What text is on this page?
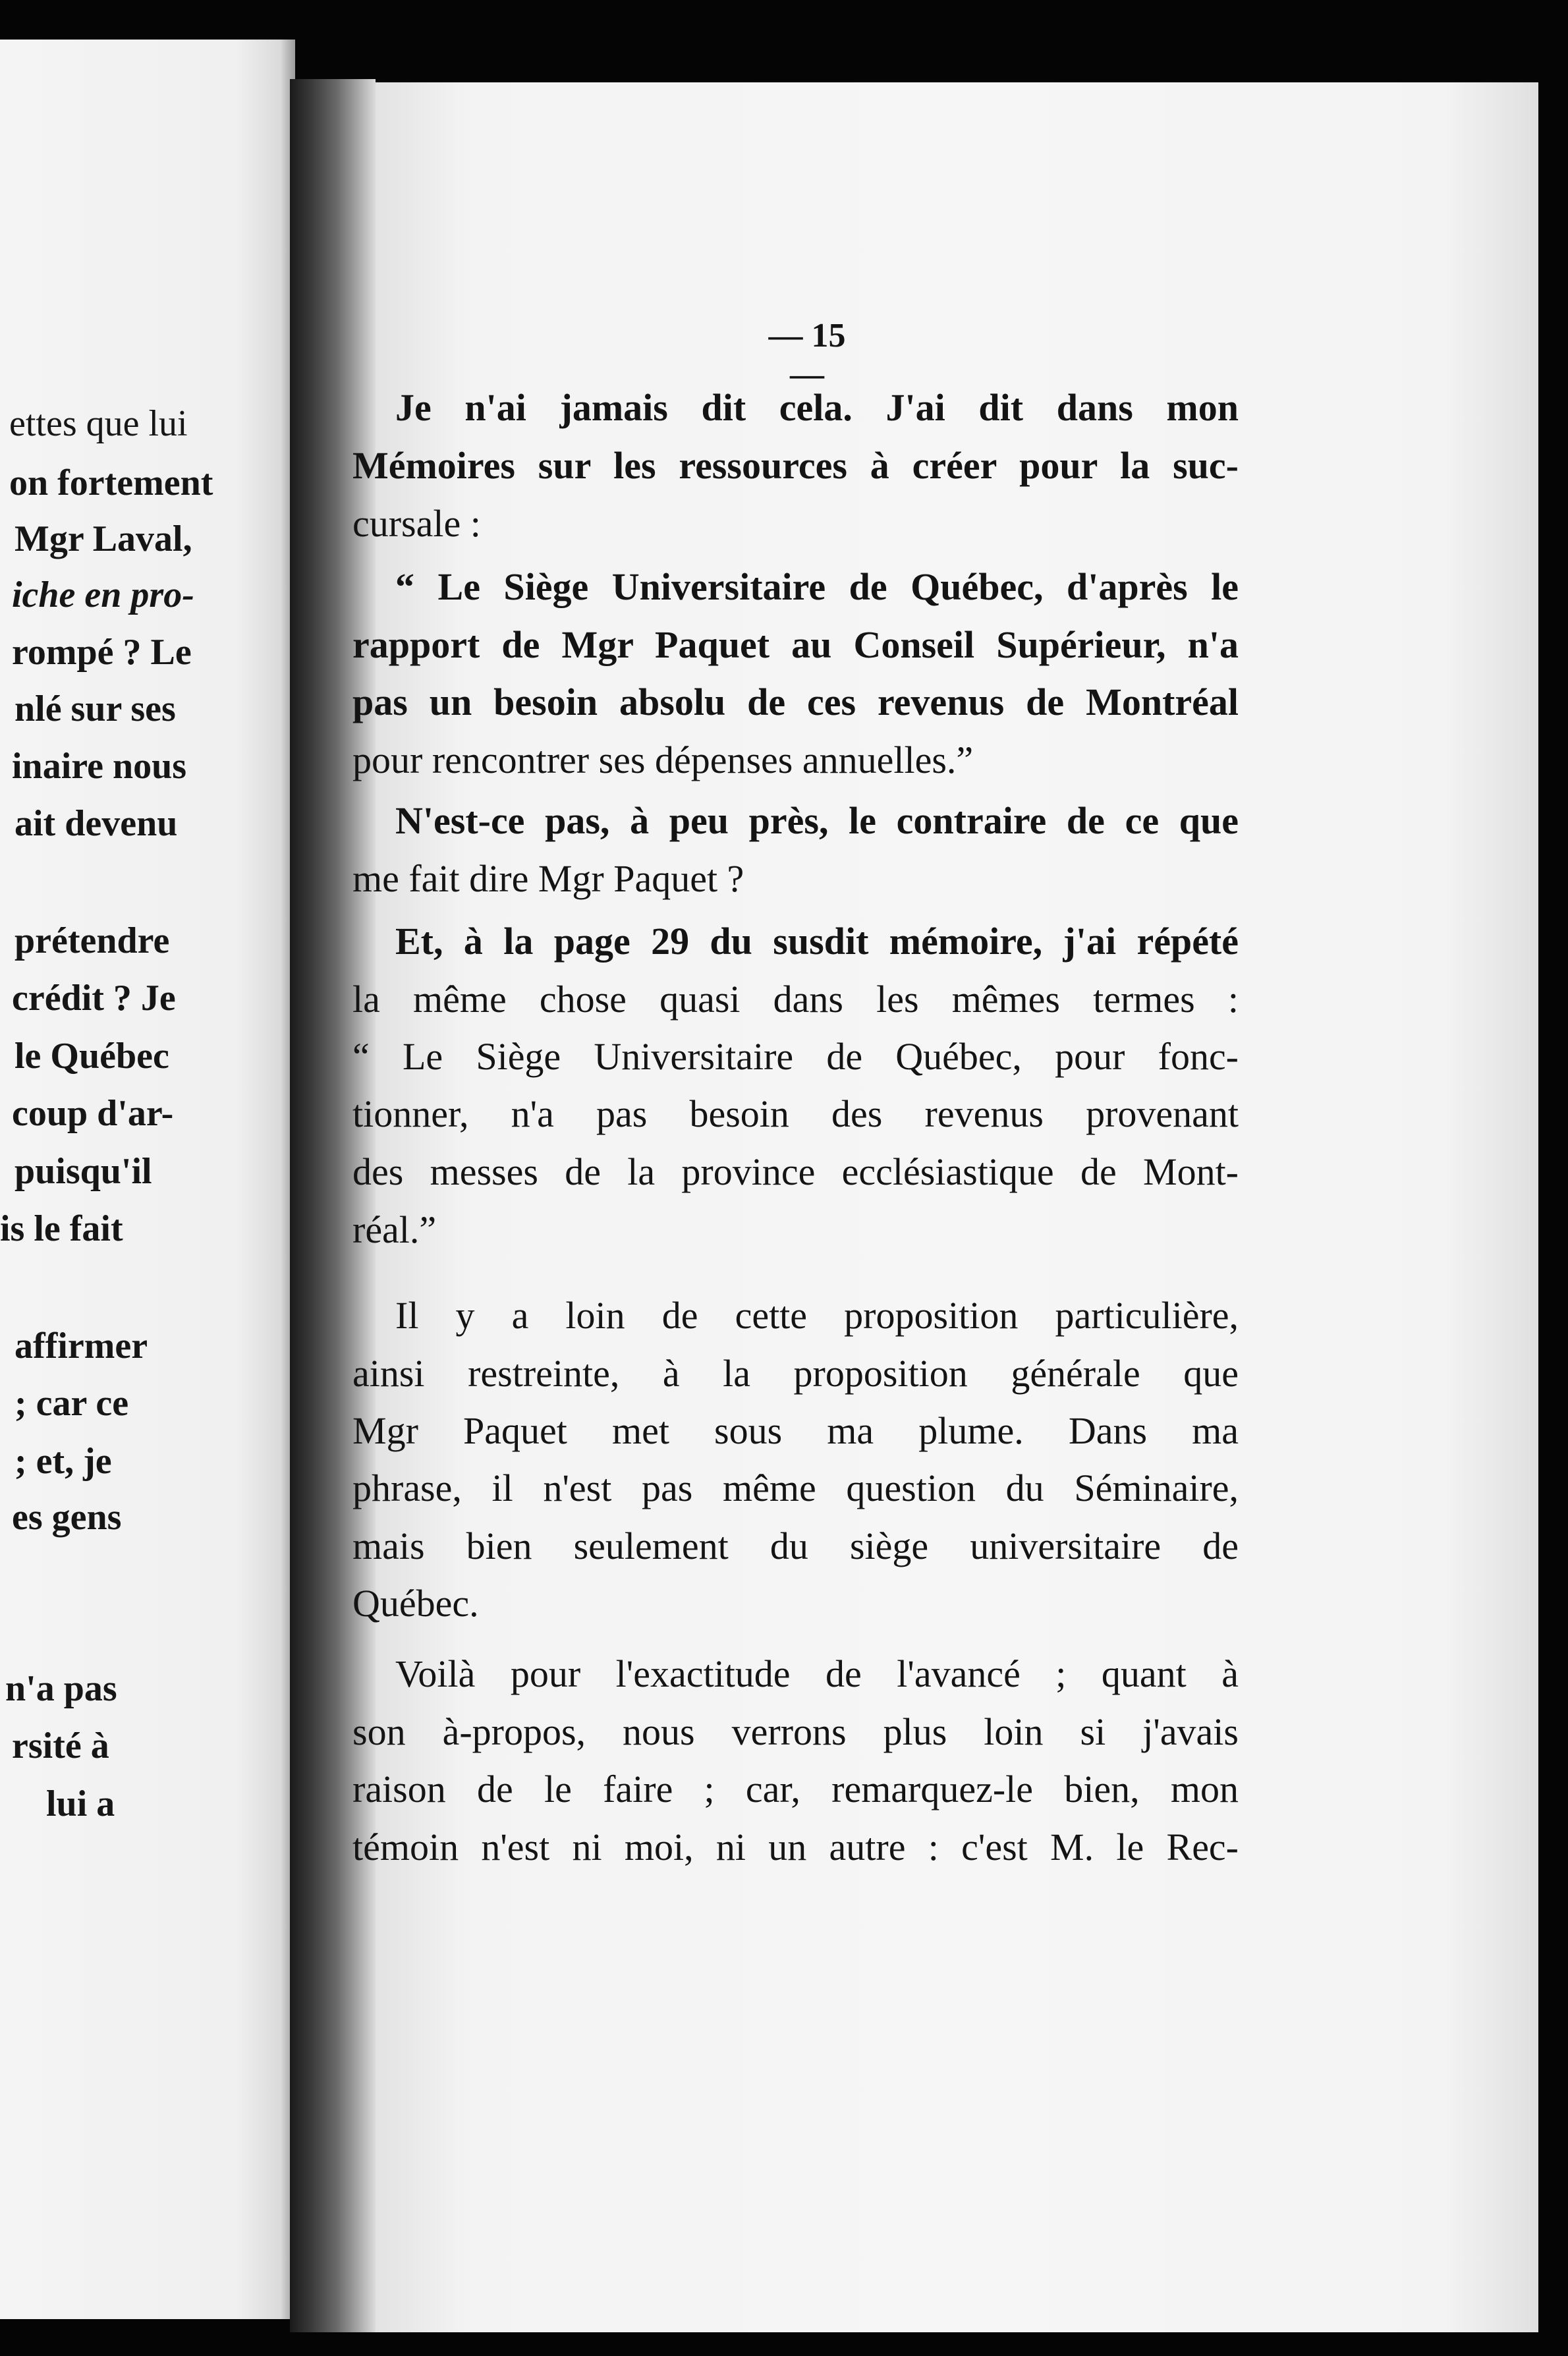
ettes que lui
on fortement
Mgr Laval,
iche en pro-
rompé ? Le
nlé sur ses
inaire nous
ait devenu
prétendre
crédit ? Je
le Québec
coup d'ar-
puisqu'il
is le fait
affirmer
; car ce
; et, je
es gens
n'a pas
rsité à
lui a
— 15 —
Je n'ai jamais dit cela. J'ai dit dans mon
Mémoires sur les ressources à créer pour la suc-
cursale :
“ Le Siège Universitaire de Québec, d'après le
rapport de Mgr Paquet au Conseil Supérieur, n'a
pas un besoin absolu de ces revenus de Montréal
pour rencontrer ses dépenses annuelles.”
N'est-ce pas, à peu près, le contraire de ce que
me fait dire Mgr Paquet ?
Et, à la page 29 du susdit mémoire, j'ai répété
la même chose quasi dans les mêmes termes :
“ Le Siège Universitaire de Québec, pour fonc-
tionner, n'a pas besoin des revenus provenant
des messes de la province ecclésiastique de Mont-
réal.”
Il y a loin de cette proposition particulière,
ainsi restreinte, à la proposition générale que
Mgr Paquet met sous ma plume. Dans ma
phrase, il n'est pas même question du Séminaire,
mais bien seulement du siège universitaire de
Québec.
Voilà pour l'exactitude de l'avancé ; quant à
son à-propos, nous verrons plus loin si j'avais
raison de le faire ; car, remarquez-le bien, mon
témoin n'est ni moi, ni un autre : c'est M. le Rec-
